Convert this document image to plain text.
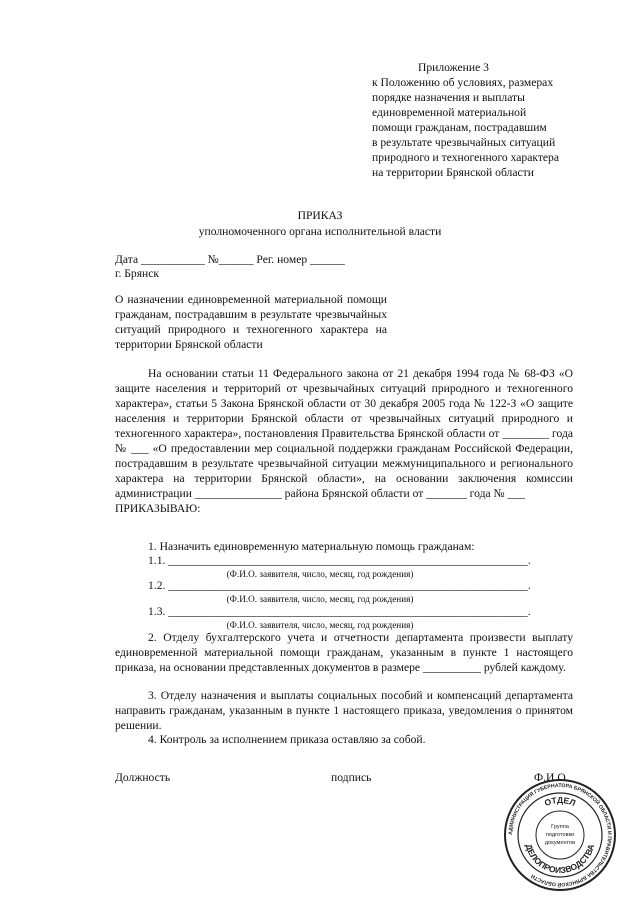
Приложение 3
к Положению об условиях, размерах
порядке назначения и выплаты
единовременной материальной
помощи гражданам, пострадавшим
в результате чрезвычайных ситуаций
природного и техногенного характера
на территории Брянской области
ПРИКАЗ
уполномоченного органа исполнительной власти
Дата ___________ №______ Рег. номер ______
г. Брянск
О назначении единовременной материальной помощи гражданам, пострадавшим в результате чрезвычайных ситуаций природного и техногенного характера на территории Брянской области

На основании статьи 11 Федерального закона от 21 декабря 1994 года № 68-ФЗ «О защите населения и территорий от чрезвычайных ситуаций природного и техногенного характера», статьи 5 Закона Брянской области от 30 декабря 2005 года № 122-З «О защите населения и территории Брянской области от чрезвычайных ситуаций природного и техногенного характера», постановления Правительства Брянской области от ________ года № ___ «О предоставлении мер социальной поддержки гражданам Российской Федерации, пострадавшим в результате чрезвычайной ситуации межмуниципального и регионального характера на территории Брянской области», на основании заключения комиссии администрации _______________ района Брянской области от _______ года № ___

ПРИКАЗЫВАЮ:
1. Назначить единовременную материальную помощь гражданам:
1.1. ______________________________________________________________.
(Ф.И.О. заявителя, число, месяц, год рождения)
1.2. ______________________________________________________________.
(Ф.И.О. заявителя, число, месяц, год рождения)
1.3. ______________________________________________________________.
(Ф.И.О. заявителя, число, месяц, год рождения)

2. Отделу бухгалтерского учета и отчетности департамента произвести выплату единовременной материальной помощи гражданам, указанным в пункте 1 настоящего приказа, на основании представленных документов в размере __________ рублей каждому.

3. Отделу назначения и выплаты социальных пособий и компенсаций департамента направить гражданам, указанным в пункте 1 настоящего приказа, уведомления о принятом решении.

4. Контроль за исполнением приказа оставляю за собой.

Должность	подпись	Ф.И.О.
АДМИНИСТРАЦИЯ ГУБЕРНАТОРА БРЯНСКОЙ ОБЛАСТИ И ПРАВИТЕЛЬСТВА БРЯНСКОЙ ОБЛАСТИ
ОТДЕЛ
ДЕЛОПРОИЗВОДСТВА
Группа
подготовки
документов
